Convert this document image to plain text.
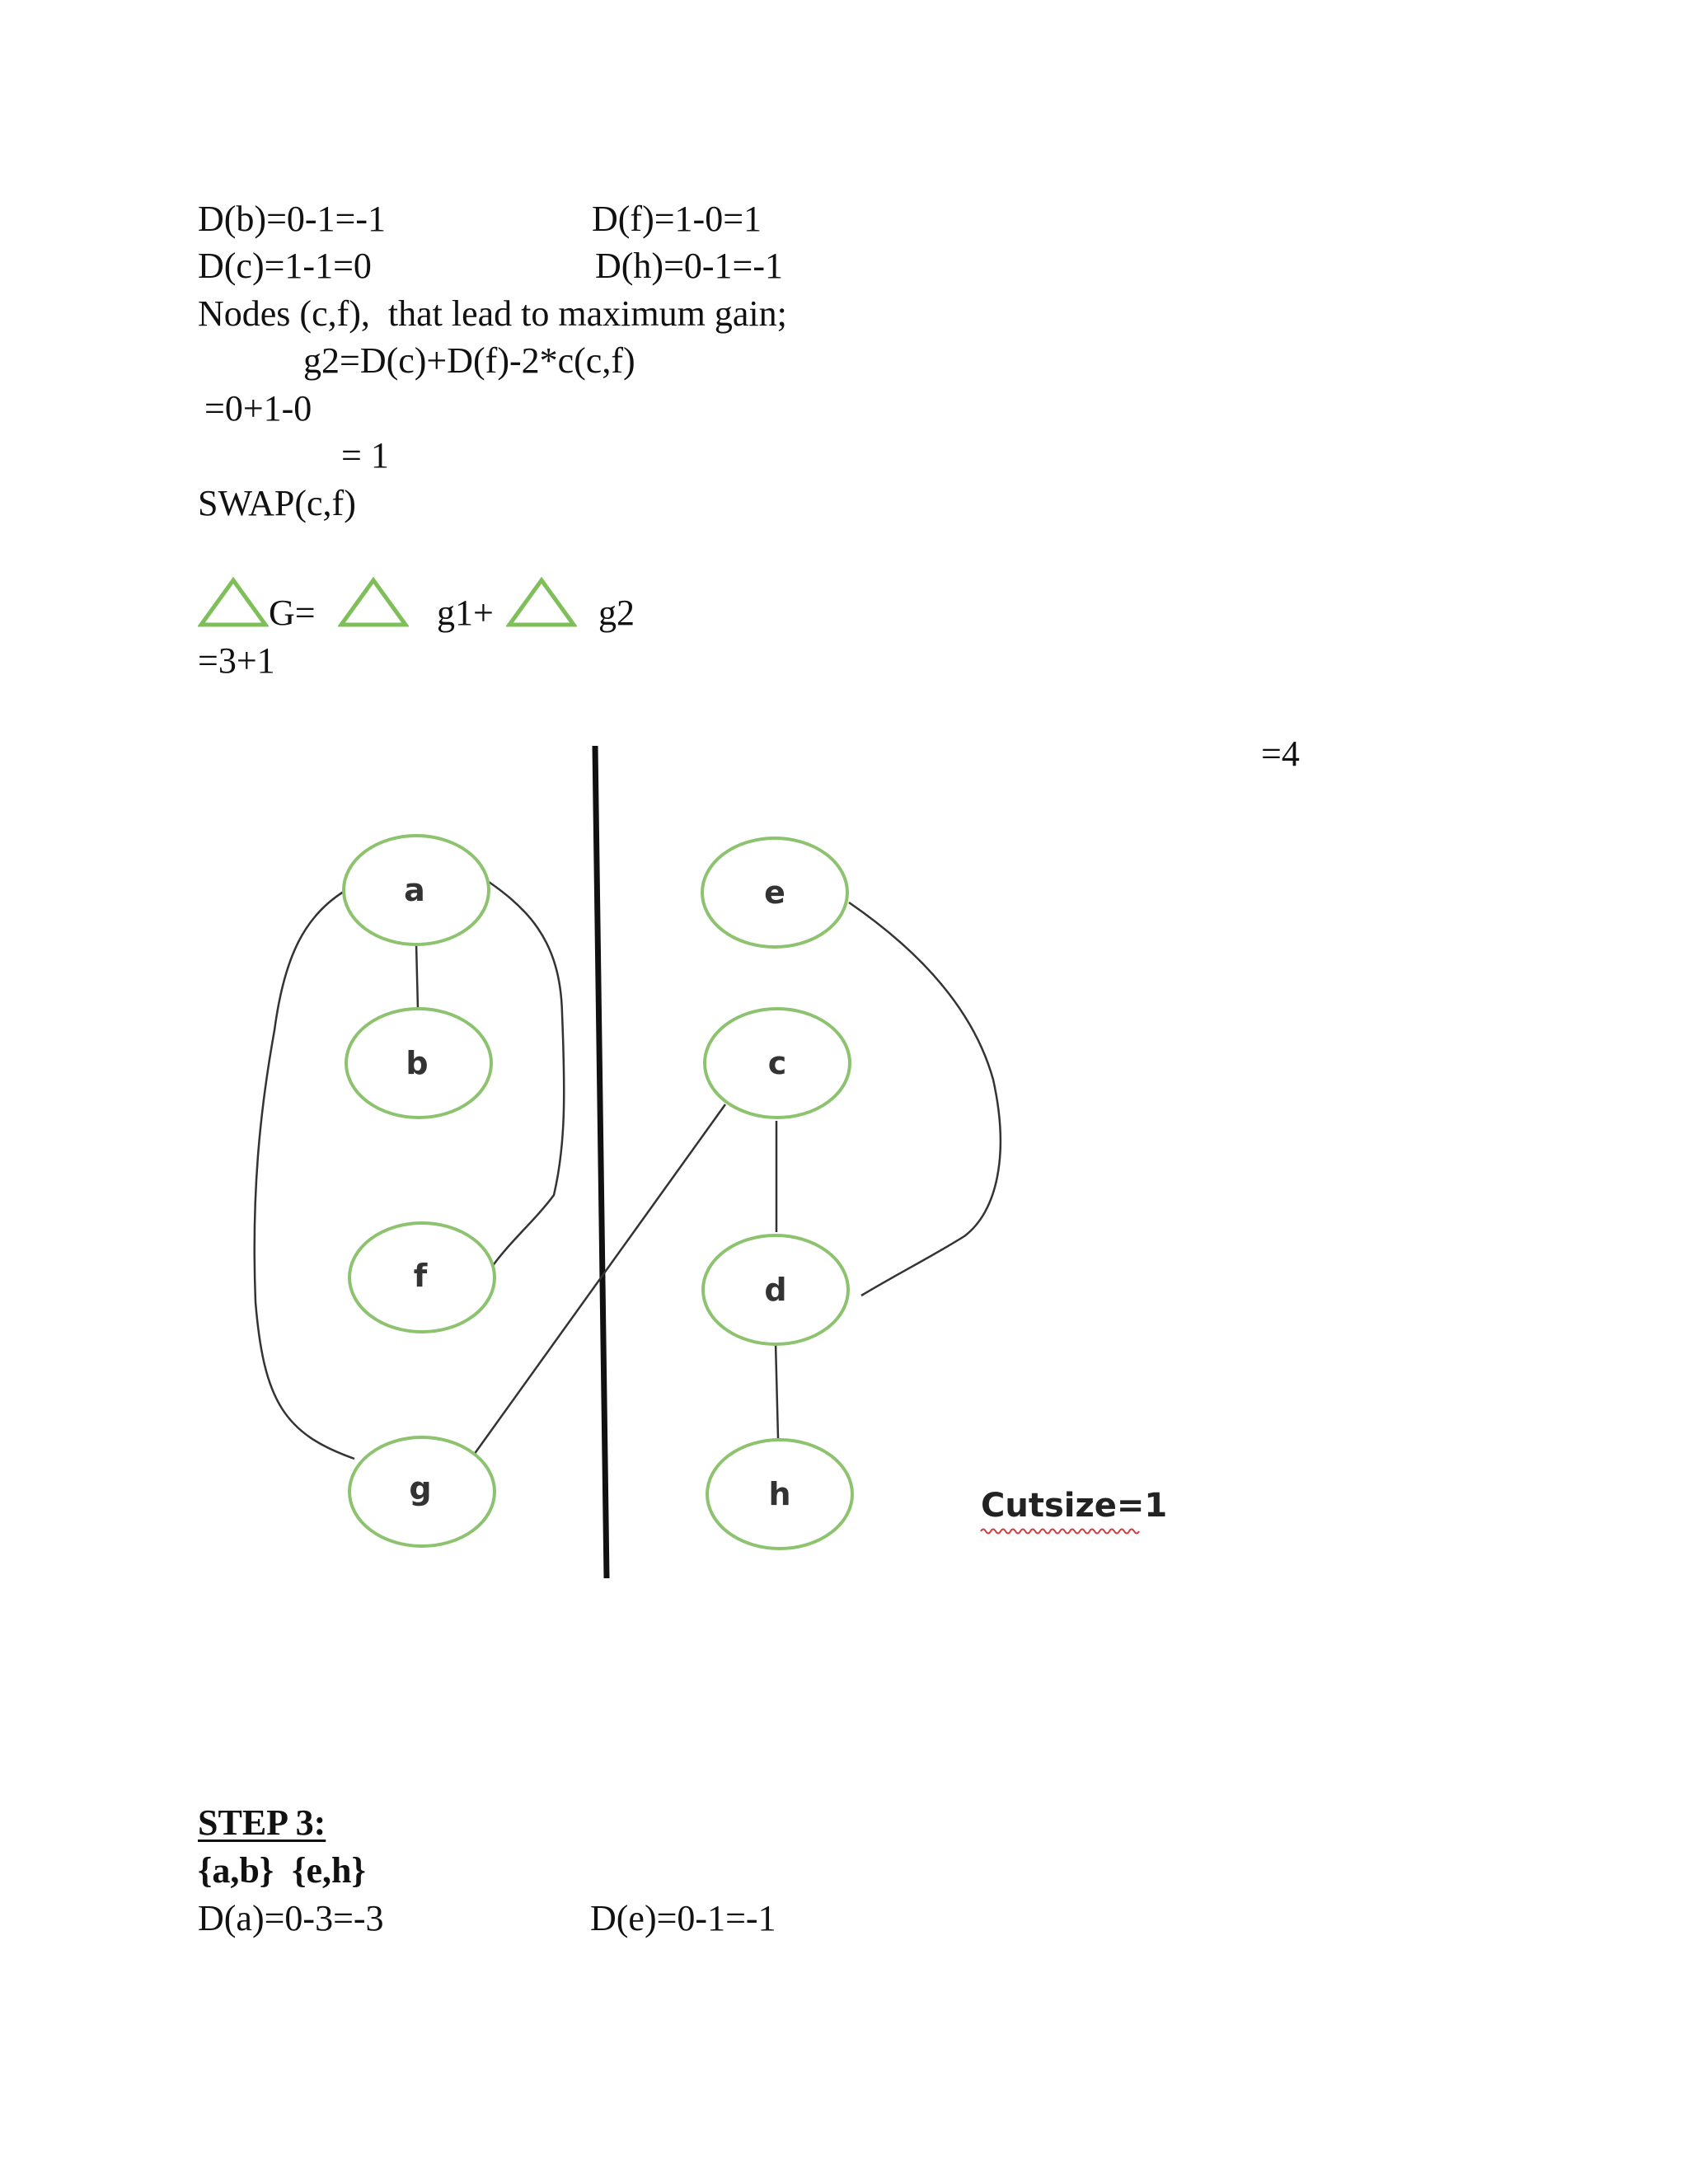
D(b)=0-1=-1	D(f)=1-0=1

D(c)=1-1=0	D(h)=0-1=-1

Nodes (c,f),  that lead to maximum gain;

g2=D(c)+D(f)-2*c(c,f)

=0+1-0

= 1

SWAP(c,f)

G=	g1+	g2

=3+1

=4

a
b
f
g
e
c
d
h	Cutsize=1

STEP 3:

{a,b}  {e,h}

D(a)=0-3=-3	D(e)=0-1=-1
